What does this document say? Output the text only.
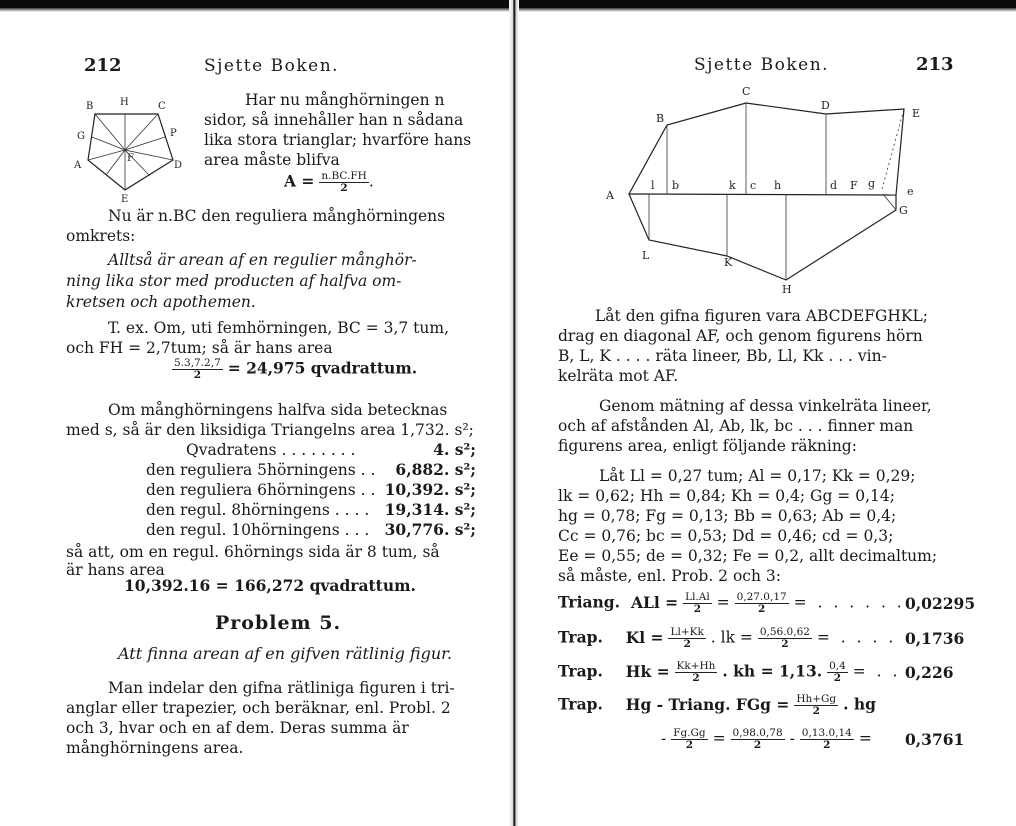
212	Sjette Boken.
B	H	C
G	P
A
F
D
E
Har nu månghörningen n
sidor, så innehåller han n sådana
lika stora trianglar; hvarföre hans
area måste blifva
$A = \frac{n.BC.FH}{2}$ .
Nu är n.BC den reguliera månghörningens
omkrets:
Alltså är arean af en regulier månghör-
ning lika stor med producten af halfva om-
kretsen och apothemen.
T. ex. Om, uti femhörningen, BC = 3,7 tum,
och FH = 2,7tum; så är hans area
$\frac{5.3,7.2,7}{2} = 24,975$ qvadrattum.
Om månghörningens halfva sida betecknas
med s, så är den liksidiga Triangelns area 1,732. s²;
Qvadratens . . . . . . . .	4. s²;
den reguliera 5hörningens . . 6,882. s²;
den reguliera 6hörningens . . 10,392. s²;
den regul. 8hörningens . . . . 19,314. s²;
den regul. 10hörningens . . . 30,776. s²;
så att, om en regul. 6hörnings sida är 8 tum, så
är hans area
10,392.16 = 166,272 qvadrattum.
Problem 5.
Att finna arean af en gifven rätlinig figur.
Man indelar den gifna rätliniga figuren i tri-
anglar eller trapezier, och beräknar, enl. Probl. 2
och 3, hvar och en af dem. Deras summa är
månghörningens area.
Sjette Boken.	213
C
D
E
B
A
l b	k c h	d F g
e
G
L
K
H
Låt den gifna figuren vara ABCDEFGHKL;
drag en diagonal AF, och genom figurens hörn
B, L, K . . . . räta lineer, Bb, Ll, Kk . . . vin-
kelräta mot AF.
Genom mätning af dessa vinkelräta lineer,
och af afstånden Al, Ab, lk, bc . . . finner man
figurens area, enligt följande räkning:
Låt Ll = 0,27 tum; Al = 0,17; Kk = 0,29;
lk = 0,62; Hh = 0,84; Kh = 0,4; Gg = 0,14;
hg = 0,78; Fg = 0,13; Bb = 0,63; Ab = 0,4;
Cc = 0,76; bc = 0,53; Dd = 0,46; cd = 0,3;
Ee = 0,55; de = 0,32; Fe = 0,2, allt decimaltum;
så måste, enl. Prob. 2 och 3:
Triang. ALl = $\frac{Ll.Al}{2} = \frac{0,27.0,17}{2}$ = . . . . . . 0,02295
Trap. $Kl = \frac{Ll+Kk}{2}$ . lk = $\frac{0,56.0,62}{2}$ = . . . . 0,1736
Trap. $Hk = \frac{Kk+Hh}{2}$ . kh = 1,13. $\frac{0,4}{2}$ = . . 0,226
Trap. Hg - Triang. FGg = $\frac{Hh+Gg}{2}$ . hg
- $\frac{Fg.Gg}{2} = \frac{0,98.0,78}{2} - \frac{0,13.0,14}{2} = 0,3761$
